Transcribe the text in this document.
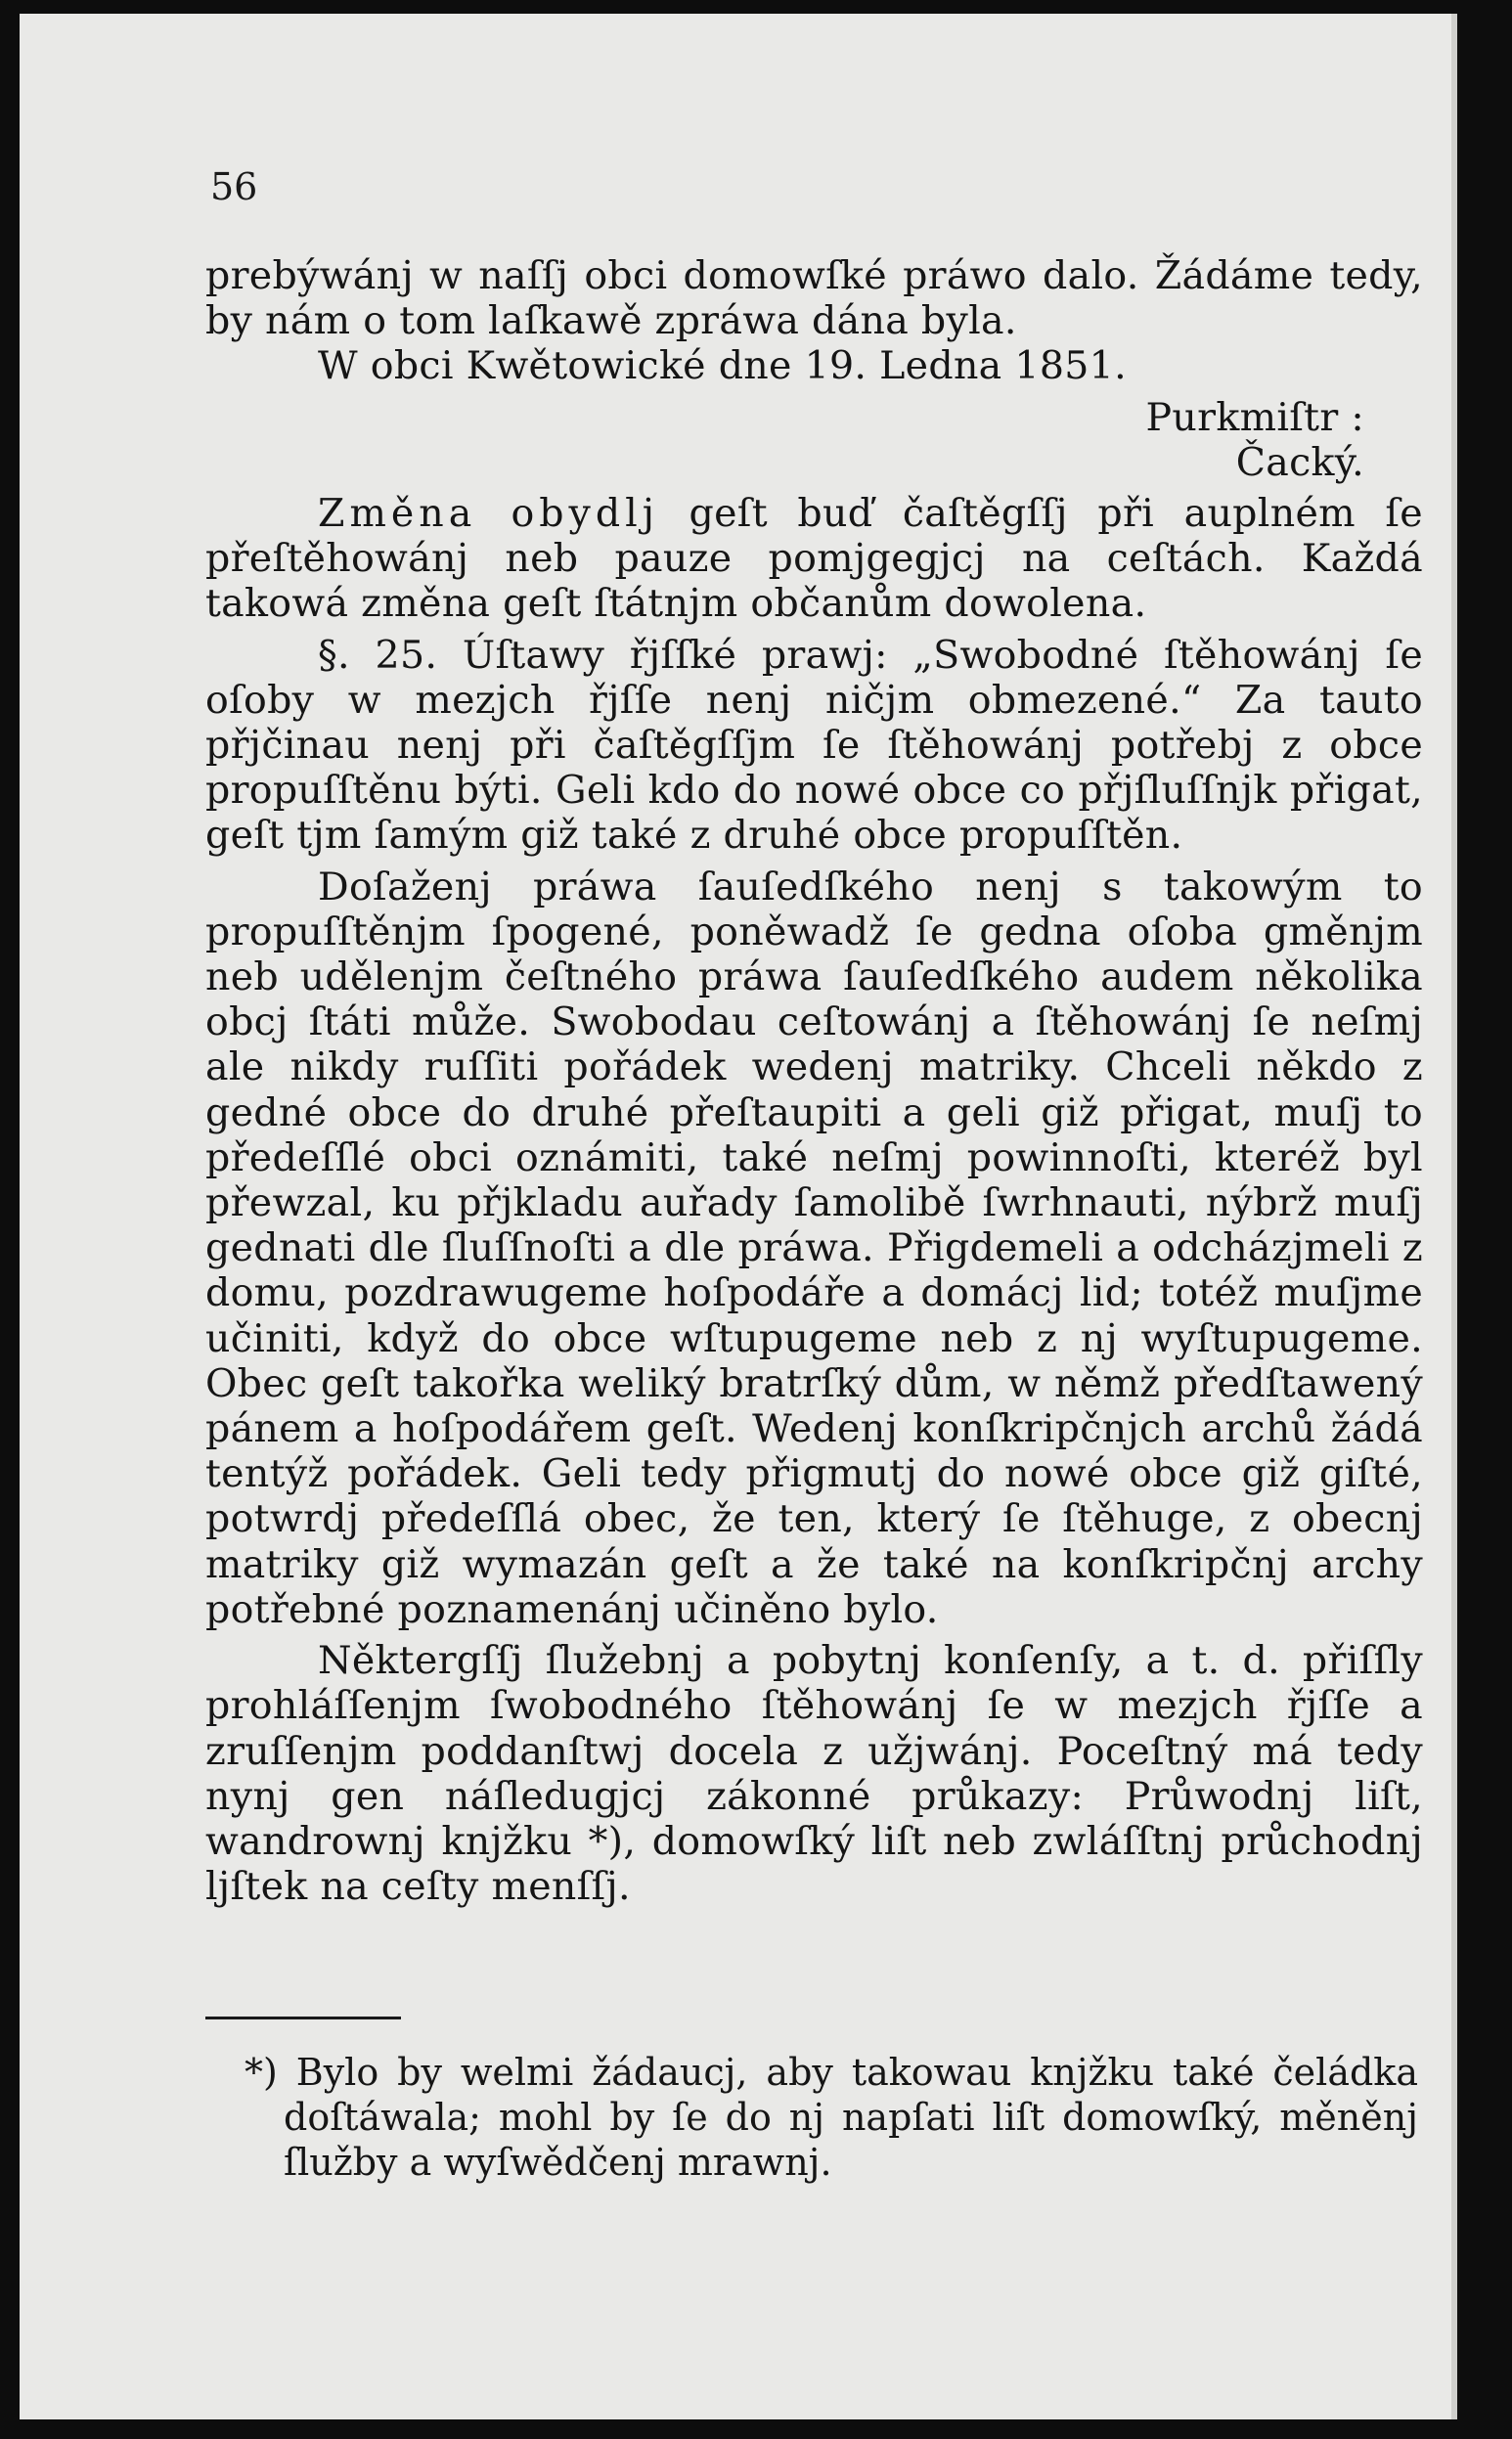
56

prebýwánj w naſſj obci domowſké práwo dalo. Žádáme tedy, by nám o tom laſkawě zpráwa dána byla.

W obci Kwětowické dne 19. Ledna 1851.

Purkmiſtr :

Čacký.

Změna obydlj geſt buď čaſtěgſſj při auplném ſe přeſtěhowánj neb pauze pomjgegjcj na ceſtách. Každá takowá změna geſt ſtátnjm občanům dowolena.

§. 25. Úſtawy řjſſké prawj: „Swobodné ſtěhowánj ſe oſoby w mezjch řjſſe nenj ničjm obmezené.“ Za tauto přjčinau nenj při čaſtěgſſjm ſe ſtěhowánj potřebj z obce propuſſtěnu býti. Geli kdo do nowé obce co přjſluſſnjk přigat, geſt tjm ſamým giž také z druhé obce propuſſtěn.

Doſaženj práwa ſauſedſkého nenj s takowým to propuſſtěnjm ſpogené, poněwadž ſe gedna oſoba gměnjm neb udělenjm čeſtného práwa ſauſedſkého audem několika obcj ſtáti může. Swobodau ceſtowánj a ſtěhowánj ſe neſmj ale nikdy ruſſiti pořádek wedenj matriky. Chceli někdo z gedné obce do druhé přeſtaupiti a geli giž přigat, muſj to předeſſlé obci oznámiti, také neſmj powinnoſti, kteréž byl přewzal, ku přjkladu auřady ſamolibě ſwrhnauti, nýbrž muſj gednati dle ſluſſnoſti a dle práwa. Přigdemeli a odcházjmeli z domu, pozdrawugeme hoſpodáře a domácj lid; totéž muſjme učiniti, když do obce wſtupugeme neb z nj wyſtupugeme. Obec geſt takořka weliký bratrſký dům, w němž předſtawený pánem a hoſpodářem geſt. Wedenj konſkripčnjch archů žádá tentýž pořádek. Geli tedy přigmutj do nowé obce giž giſté, potwrdj předeſſlá obec, že ten, který ſe ſtěhuge, z obecnj matriky giž wymazán geſt a že také na konſkripčnj archy potřebné poznamenánj učiněno bylo.

Některgſſj ſlužebnj a pobytnj konſenſy, a t. d. přiſſly prohláſſenjm ſwobodného ſtěhowánj ſe w mezjch řjſſe a zruſſenjm poddanſtwj docela z užjwánj. Poceſtný má tedy nynj gen náſledugjcj zákonné průkazy: Průwodnj liſt, wandrownj knjžku *), domowſký liſt neb zwláſſtnj průchodnj ljſtek na ceſty menſſj.

*) Bylo by welmi žádaucj, aby takowau knjžku také čeládka doſtáwala; mohl by ſe do nj napſati liſt domowſký, měněnj ſlužby a wyſwědčenj mrawnj.
